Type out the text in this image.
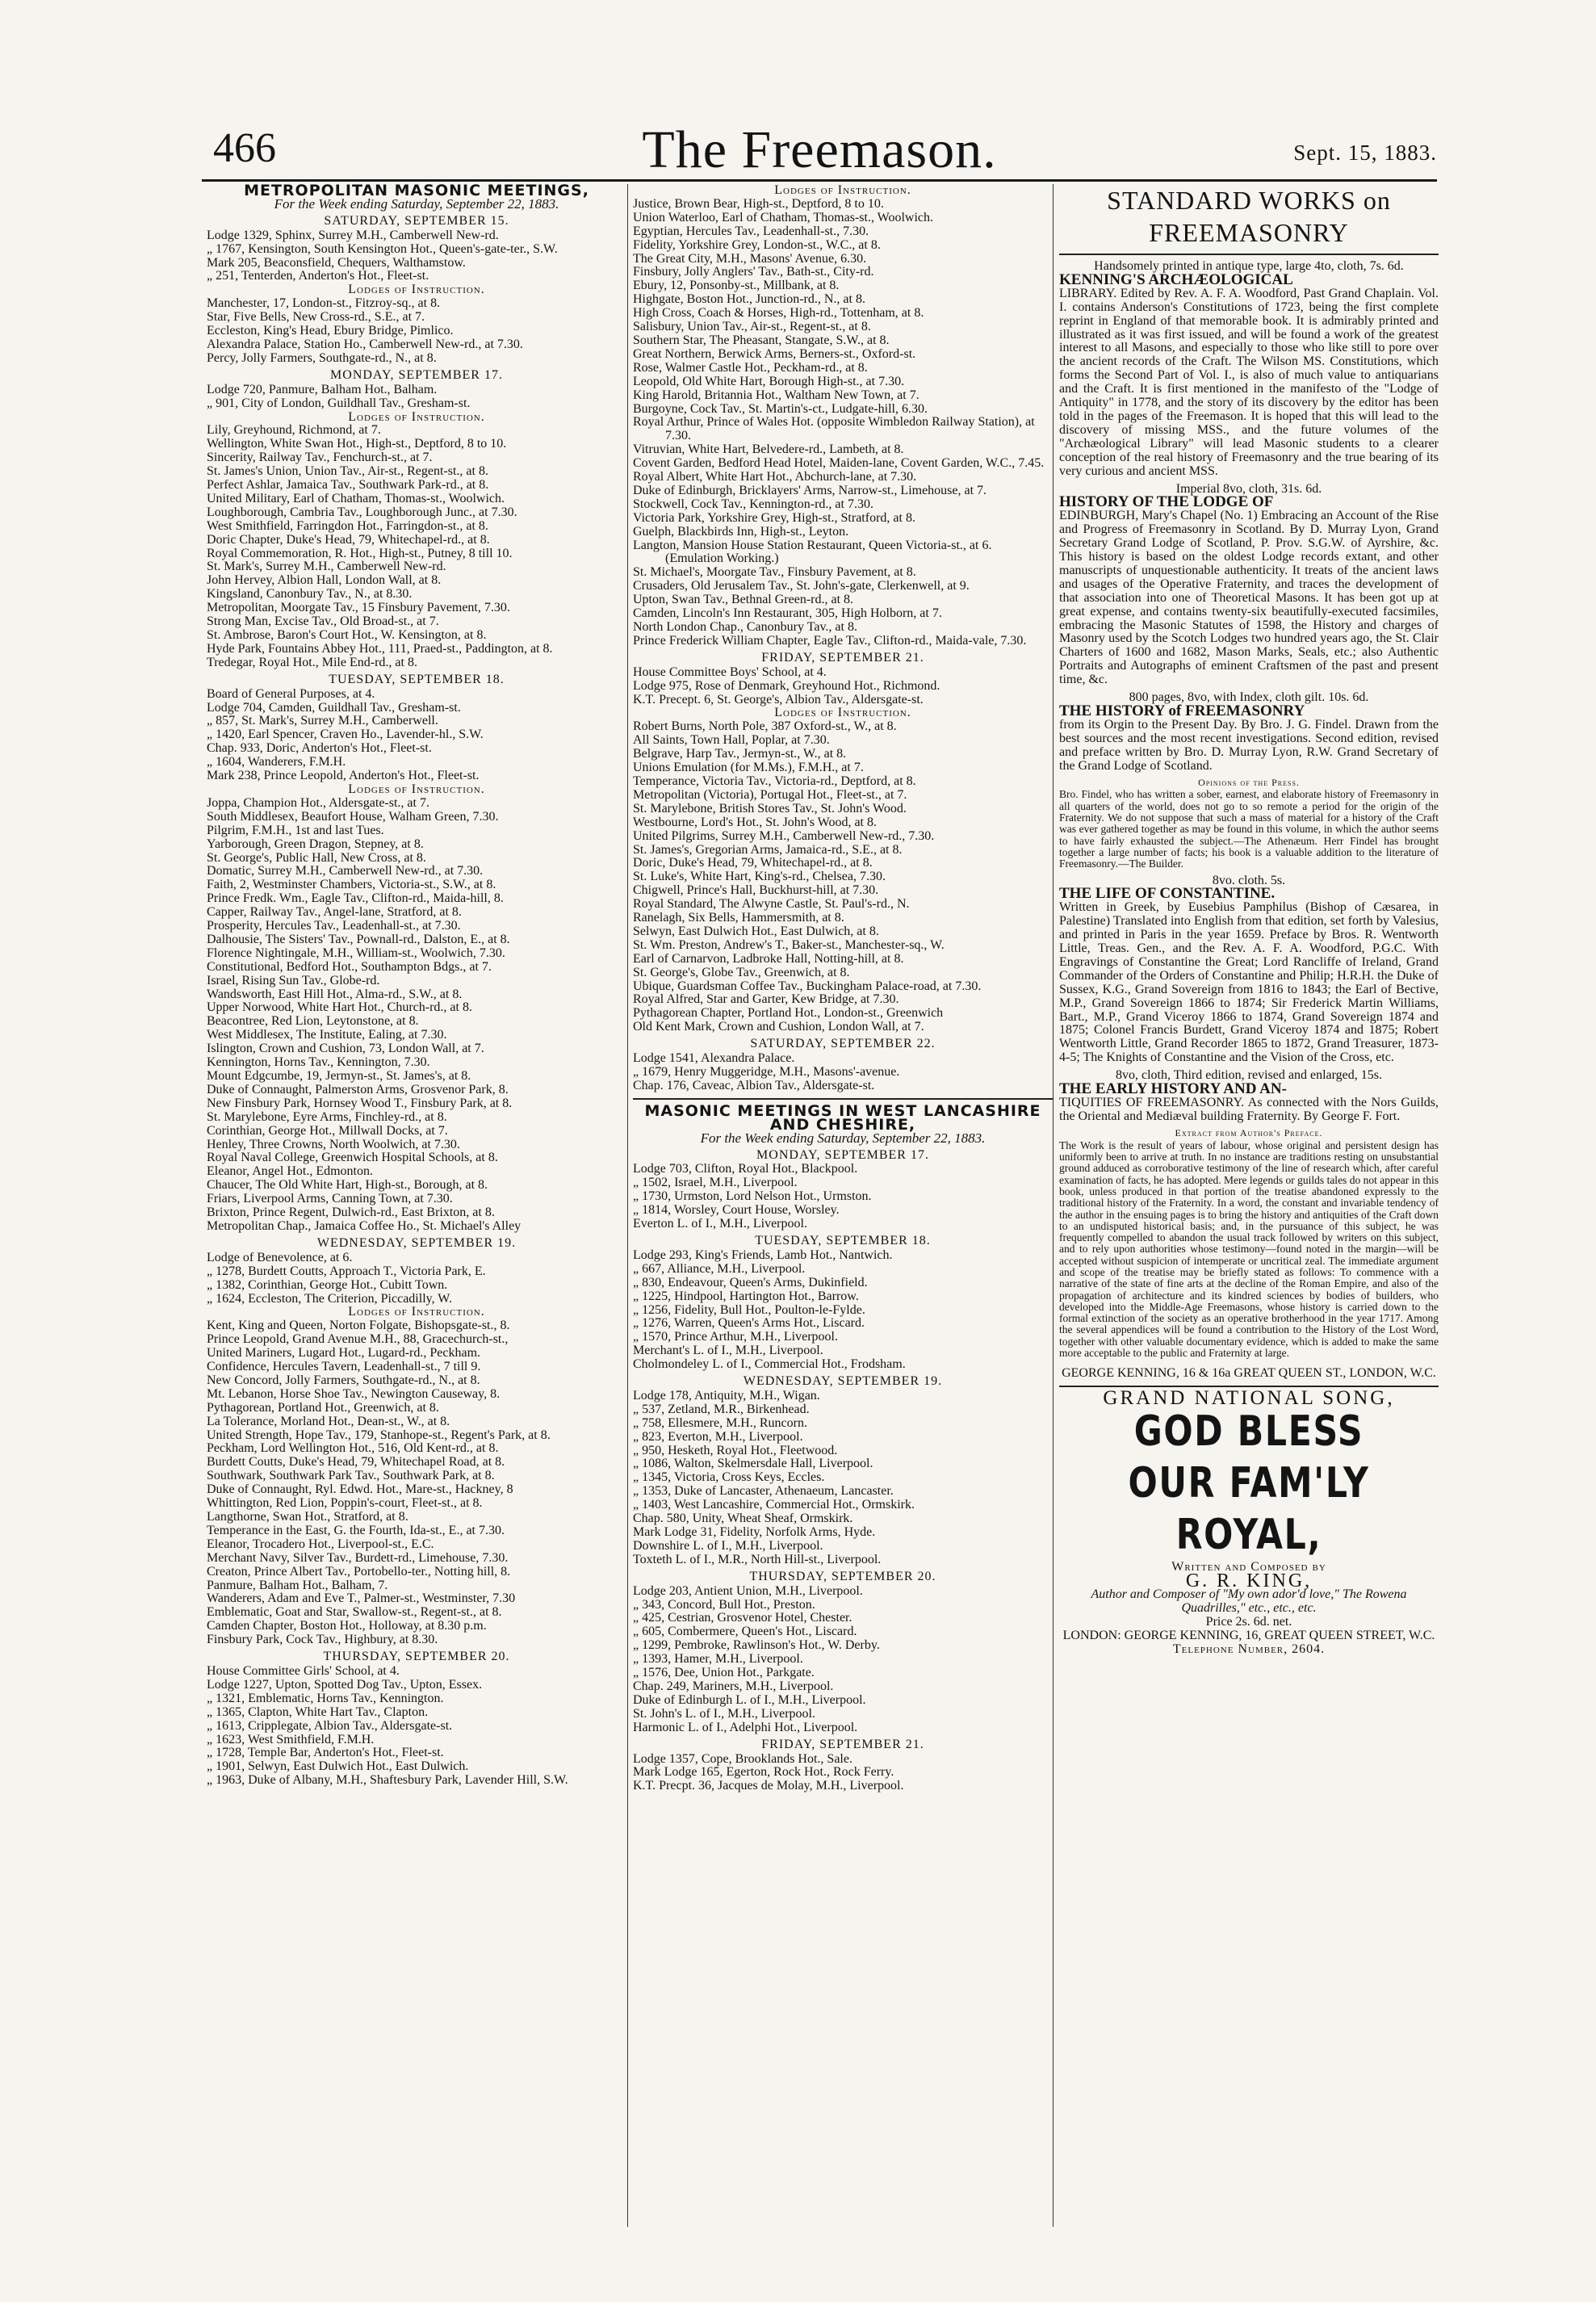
466	The Freemason.	Sept. 15, 1883.
METROPOLITAN MASONIC MEETINGS,
For the Week ending Saturday, September 22, 1883.
SATURDAY, SEPTEMBER 15.
Lodge 1329, Sphinx, Surrey M.H., Camberwell New-rd.
„ 1767, Kensington, South Kensington Hot., Queen's-gate-ter., S.W.
Mark 205, Beaconsfield, Chequers, Walthamstow.
„ 251, Tenterden, Anderton's Hot., Fleet-st.
Lodges of Instruction.
Manchester, 17, London-st., Fitzroy-sq., at 8.
Star, Five Bells, New Cross-rd., S.E., at 7.
Eccleston, King's Head, Ebury Bridge, Pimlico.
Alexandra Palace, Station Ho., Camberwell New-rd., at 7.30.
Percy, Jolly Farmers, Southgate-rd., N., at 8.
MONDAY, SEPTEMBER 17.
Lodge 720, Panmure, Balham Hot., Balham.
„ 901, City of London, Guildhall Tav., Gresham-st.
Lodges of Instruction.
Lily, Greyhound, Richmond, at 7.
Wellington, White Swan Hot., High-st., Deptford, 8 to 10.
Sincerity, Railway Tav., Fenchurch-st., at 7.
St. James's Union, Union Tav., Air-st., Regent-st., at 8.
Perfect Ashlar, Jamaica Tav., Southwark Park-rd., at 8.
United Military, Earl of Chatham, Thomas-st., Woolwich.
Loughborough, Cambria Tav., Loughborough Junc., at 7.30.
West Smithfield, Farringdon Hot., Farringdon-st., at 8.
Doric Chapter, Duke's Head, 79, Whitechapel-rd., at 8.
Royal Commemoration, R. Hot., High-st., Putney, 8 till 10.
St. Mark's, Surrey M.H., Camberwell New-rd.
John Hervey, Albion Hall, London Wall, at 8.
Kingsland, Canonbury Tav., N., at 8.30.
Metropolitan, Moorgate Tav., 15 Finsbury Pavement, 7.30.
Strong Man, Excise Tav., Old Broad-st., at 7.
St. Ambrose, Baron's Court Hot., W. Kensington, at 8.
Hyde Park, Fountains Abbey Hot., 111, Praed-st., Paddington, at 8.
Tredegar, Royal Hot., Mile End-rd., at 8.
TUESDAY, SEPTEMBER 18.
Board of General Purposes, at 4.
Lodge 704, Camden, Guildhall Tav., Gresham-st.
„ 857, St. Mark's, Surrey M.H., Camberwell.
„ 1420, Earl Spencer, Craven Ho., Lavender-hl., S.W.
Chap. 933, Doric, Anderton's Hot., Fleet-st.
„ 1604, Wanderers, F.M.H.
Mark 238, Prince Leopold, Anderton's Hot., Fleet-st.
Lodges of Instruction.
Joppa, Champion Hot., Aldersgate-st., at 7.
South Middlesex, Beaufort House, Walham Green, 7.30.
Pilgrim, F.M.H., 1st and last Tues.
Yarborough, Green Dragon, Stepney, at 8.
St. George's, Public Hall, New Cross, at 8.
Domatic, Surrey M.H., Camberwell New-rd., at 7.30.
Faith, 2, Westminster Chambers, Victoria-st., S.W., at 8.
Prince Fredk. Wm., Eagle Tav., Clifton-rd., Maida-hill, 8.
Capper, Railway Tav., Angel-lane, Stratford, at 8.
Prosperity, Hercules Tav., Leadenhall-st., at 7.30.
Dalhousie, The Sisters' Tav., Pownall-rd., Dalston, E., at 8.
Florence Nightingale, M.H., William-st., Woolwich, 7.30.
Constitutional, Bedford Hot., Southampton Bdgs., at 7.
Israel, Rising Sun Tav., Globe-rd.
Wandsworth, East Hill Hot., Alma-rd., S.W., at 8.
Upper Norwood, White Hart Hot., Church-rd., at 8.
Beacontree, Red Lion, Leytonstone, at 8.
West Middlesex, The Institute, Ealing, at 7.30.
Islington, Crown and Cushion, 73, London Wall, at 7.
Kennington, Horns Tav., Kennington, 7.30.
Mount Edgcumbe, 19, Jermyn-st., St. James's, at 8.
Duke of Connaught, Palmerston Arms, Grosvenor Park, 8.
New Finsbury Park, Hornsey Wood T., Finsbury Park, at 8.
St. Marylebone, Eyre Arms, Finchley-rd., at 8.
Corinthian, George Hot., Millwall Docks, at 7.
Henley, Three Crowns, North Woolwich, at 7.30.
Royal Naval College, Greenwich Hospital Schools, at 8.
Eleanor, Angel Hot., Edmonton.
Chaucer, The Old White Hart, High-st., Borough, at 8.
Friars, Liverpool Arms, Canning Town, at 7.30.
Brixton, Prince Regent, Dulwich-rd., East Brixton, at 8.
Metropolitan Chap., Jamaica Coffee Ho., St. Michael's Alley
WEDNESDAY, SEPTEMBER 19.
Lodge of Benevolence, at 6.
„ 1278, Burdett Coutts, Approach T., Victoria Park, E.
„ 1382, Corinthian, George Hot., Cubitt Town.
„ 1624, Eccleston, The Criterion, Piccadilly, W.
Lodges of Instruction.
Kent, King and Queen, Norton Folgate, Bishopsgate-st., 8.
Prince Leopold, Grand Avenue M.H., 88, Gracechurch-st.,
United Mariners, Lugard Hot., Lugard-rd., Peckham.
Confidence, Hercules Tavern, Leadenhall-st., 7 till 9.
New Concord, Jolly Farmers, Southgate-rd., N., at 8.
Mt. Lebanon, Horse Shoe Tav., Newington Causeway, 8.
Pythagorean, Portland Hot., Greenwich, at 8.
La Tolerance, Morland Hot., Dean-st., W., at 8.
United Strength, Hope Tav., 179, Stanhope-st., Regent's Park, at 8.
Peckham, Lord Wellington Hot., 516, Old Kent-rd., at 8.
Burdett Coutts, Duke's Head, 79, Whitechapel Road, at 8.
Southwark, Southwark Park Tav., Southwark Park, at 8.
Duke of Connaught, Ryl. Edwd. Hot., Mare-st., Hackney, 8
Whittington, Red Lion, Poppin's-court, Fleet-st., at 8.
Langthorne, Swan Hot., Stratford, at 8.
Temperance in the East, G. the Fourth, Ida-st., E., at 7.30.
Eleanor, Trocadero Hot., Liverpool-st., E.C.
Merchant Navy, Silver Tav., Burdett-rd., Limehouse, 7.30.
Creaton, Prince Albert Tav., Portobello-ter., Notting hill, 8.
Panmure, Balham Hot., Balham, 7.
Wanderers, Adam and Eve T., Palmer-st., Westminster, 7.30
Emblematic, Goat and Star, Swallow-st., Regent-st., at 8.
Camden Chapter, Boston Hot., Holloway, at 8.30 p.m.
Finsbury Park, Cock Tav., Highbury, at 8.30.
THURSDAY, SEPTEMBER 20.
House Committee Girls' School, at 4.
Lodge 1227, Upton, Spotted Dog Tav., Upton, Essex.
„ 1321, Emblematic, Horns Tav., Kennington.
„ 1365, Clapton, White Hart Tav., Clapton.
„ 1613, Cripplegate, Albion Tav., Aldersgate-st.
„ 1623, West Smithfield, F.M.H.
„ 1728, Temple Bar, Anderton's Hot., Fleet-st.
„ 1901, Selwyn, East Dulwich Hot., East Dulwich.
„ 1963, Duke of Albany, M.H., Shaftesbury Park, Lavender Hill, S.W.
Lodges of Instruction.
Justice, Brown Bear, High-st., Deptford, 8 to 10.
Union Waterloo, Earl of Chatham, Thomas-st., Woolwich.
Egyptian, Hercules Tav., Leadenhall-st., 7.30.
Fidelity, Yorkshire Grey, London-st., W.C., at 8.
The Great City, M.H., Masons' Avenue, 6.30.
Finsbury, Jolly Anglers' Tav., Bath-st., City-rd.
Ebury, 12, Ponsonby-st., Millbank, at 8.
Highgate, Boston Hot., Junction-rd., N., at 8.
High Cross, Coach & Horses, High-rd., Tottenham, at 8.
Salisbury, Union Tav., Air-st., Regent-st., at 8.
Southern Star, The Pheasant, Stangate, S.W., at 8.
Great Northern, Berwick Arms, Berners-st., Oxford-st.
Rose, Walmer Castle Hot., Peckham-rd., at 8.
Leopold, Old White Hart, Borough High-st., at 7.30.
King Harold, Britannia Hot., Waltham New Town, at 7.
Burgoyne, Cock Tav., St. Martin's-ct., Ludgate-hill, 6.30.
Royal Arthur, Prince of Wales Hot. (opposite Wimbledon Railway Station), at 7.30.
Vitruvian, White Hart, Belvedere-rd., Lambeth, at 8.
Covent Garden, Bedford Head Hotel, Maiden-lane, Covent Garden, W.C., 7.45.
Royal Albert, White Hart Hot., Abchurch-lane, at 7.30.
Duke of Edinburgh, Bricklayers' Arms, Narrow-st., Limehouse, at 7.
Stockwell, Cock Tav., Kennington-rd., at 7.30.
Victoria Park, Yorkshire Grey, High-st., Stratford, at 8.
Guelph, Blackbirds Inn, High-st., Leyton.
Langton, Mansion House Station Restaurant, Queen Victoria-st., at 6. (Emulation Working.)
St. Michael's, Moorgate Tav., Finsbury Pavement, at 8.
Crusaders, Old Jerusalem Tav., St. John's-gate, Clerkenwell, at 9.
Upton, Swan Tav., Bethnal Green-rd., at 8.
Camden, Lincoln's Inn Restaurant, 305, High Holborn, at 7.
North London Chap., Canonbury Tav., at 8.
Prince Frederick William Chapter, Eagle Tav., Clifton-rd., Maida-vale, 7.30.
FRIDAY, SEPTEMBER 21.
House Committee Boys' School, at 4.
Lodge 975, Rose of Denmark, Greyhound Hot., Richmond.
K.T. Precept. 6, St. George's, Albion Tav., Aldersgate-st.
Lodges of Instruction.
Robert Burns, North Pole, 387 Oxford-st., W., at 8.
All Saints, Town Hall, Poplar, at 7.30.
Belgrave, Harp Tav., Jermyn-st., W., at 8.
Unions Emulation (for M.Ms.), F.M.H., at 7.
Temperance, Victoria Tav., Victoria-rd., Deptford, at 8.
Metropolitan (Victoria), Portugal Hot., Fleet-st., at 7.
St. Marylebone, British Stores Tav., St. John's Wood.
Westbourne, Lord's Hot., St. John's Wood, at 8.
United Pilgrims, Surrey M.H., Camberwell New-rd., 7.30.
St. James's, Gregorian Arms, Jamaica-rd., S.E., at 8.
Doric, Duke's Head, 79, Whitechapel-rd., at 8.
St. Luke's, White Hart, King's-rd., Chelsea, 7.30.
Chigwell, Prince's Hall, Buckhurst-hill, at 7.30.
Royal Standard, The Alwyne Castle, St. Paul's-rd., N.
Ranelagh, Six Bells, Hammersmith, at 8.
Selwyn, East Dulwich Hot., East Dulwich, at 8.
St. Wm. Preston, Andrew's T., Baker-st., Manchester-sq., W.
Earl of Carnarvon, Ladbroke Hall, Notting-hill, at 8.
St. George's, Globe Tav., Greenwich, at 8.
Ubique, Guardsman Coffee Tav., Buckingham Palace-road, at 7.30.
Royal Alfred, Star and Garter, Kew Bridge, at 7.30.
Pythagorean Chapter, Portland Hot., London-st., Greenwich
Old Kent Mark, Crown and Cushion, London Wall, at 7.
SATURDAY, SEPTEMBER 22.
Lodge 1541, Alexandra Palace.
„ 1679, Henry Muggeridge, M.H., Masons'-avenue.
Chap. 176, Caveac, Albion Tav., Aldersgate-st.
MASONIC MEETINGS IN WEST LANCASHIRE AND CHESHIRE,
For the Week ending Saturday, September 22, 1883.
MONDAY, SEPTEMBER 17.
Lodge 703, Clifton, Royal Hot., Blackpool.
„ 1502, Israel, M.H., Liverpool.
„ 1730, Urmston, Lord Nelson Hot., Urmston.
„ 1814, Worsley, Court House, Worsley.
Everton L. of I., M.H., Liverpool.
TUESDAY, SEPTEMBER 18.
Lodge 293, King's Friends, Lamb Hot., Nantwich.
„ 667, Alliance, M.H., Liverpool.
„ 830, Endeavour, Queen's Arms, Dukinfield.
„ 1225, Hindpool, Hartington Hot., Barrow.
„ 1256, Fidelity, Bull Hot., Poulton-le-Fylde.
„ 1276, Warren, Queen's Arms Hot., Liscard.
„ 1570, Prince Arthur, M.H., Liverpool.
Merchant's L. of I., M.H., Liverpool.
Cholmondeley L. of I., Commercial Hot., Frodsham.
WEDNESDAY, SEPTEMBER 19.
Lodge 178, Antiquity, M.H., Wigan.
„ 537, Zetland, M.R., Birkenhead.
„ 758, Ellesmere, M.H., Runcorn.
„ 823, Everton, M.H., Liverpool.
„ 950, Hesketh, Royal Hot., Fleetwood.
„ 1086, Walton, Skelmersdale Hall, Liverpool.
„ 1345, Victoria, Cross Keys, Eccles.
„ 1353, Duke of Lancaster, Athenaeum, Lancaster.
„ 1403, West Lancashire, Commercial Hot., Ormskirk.
Chap. 580, Unity, Wheat Sheaf, Ormskirk.
Mark Lodge 31, Fidelity, Norfolk Arms, Hyde.
Downshire L. of I., M.H., Liverpool.
Toxteth L. of I., M.R., North Hill-st., Liverpool.
THURSDAY, SEPTEMBER 20.
Lodge 203, Antient Union, M.H., Liverpool.
„ 343, Concord, Bull Hot., Preston.
„ 425, Cestrian, Grosvenor Hotel, Chester.
„ 605, Combermere, Queen's Hot., Liscard.
„ 1299, Pembroke, Rawlinson's Hot., W. Derby.
„ 1393, Hamer, M.H., Liverpool.
„ 1576, Dee, Union Hot., Parkgate.
Chap. 249, Mariners, M.H., Liverpool.
Duke of Edinburgh L. of I., M.H., Liverpool.
St. John's L. of I., M.H., Liverpool.
Harmonic L. of I., Adelphi Hot., Liverpool.
FRIDAY, SEPTEMBER 21.
Lodge 1357, Cope, Brooklands Hot., Sale.
Mark Lodge 165, Egerton, Rock Hot., Rock Ferry.
K.T. Precpt. 36, Jacques de Molay, M.H., Liverpool.
STANDARD WORKS on FREEMASONRY
Handsomely printed in antique type, large 4to, cloth, 7s. 6d.
KENNING'S ARCHÆOLOGICAL
LIBRARY. Edited by Rev. A. F. A. Woodford, Past Grand Chaplain. Vol. I. contains Anderson's Constitutions of 1723, being the first complete reprint in England of that memorable book. It is admirably printed and illustrated as it was first issued, and will be found a work of the greatest interest to all Masons, and especially to those who like still to pore over the ancient records of the Craft. The Wilson MS. Constitutions, which forms the Second Part of Vol. I., is also of much value to antiquarians and the Craft. It is first mentioned in the manifesto of the "Lodge of Antiquity" in 1778, and the story of its discovery by the editor has been told in the pages of the Freemason. It is hoped that this will lead to the discovery of missing MSS., and the future volumes of the "Archæological Library" will lead Masonic students to a clearer conception of the real history of Freemasonry and the true bearing of its very curious and ancient MSS.
Imperial 8vo, cloth, 31s. 6d.
HISTORY OF THE LODGE OF
EDINBURGH, Mary's Chapel (No. 1) Embracing an Account of the Rise and Progress of Freemasonry in Scotland. By D. Murray Lyon, Grand Secretary Grand Lodge of Scotland, P. Prov. S.G.W. of Ayrshire, &c. This history is based on the oldest Lodge records extant, and other manuscripts of unquestionable authenticity. It treats of the ancient laws and usages of the Operative Fraternity, and traces the development of that association into one of Theoretical Masons. It has been got up at great expense, and contains twenty-six beautifully-executed facsimiles, embracing the Masonic Statutes of 1598, the History and charges of Masonry used by the Scotch Lodges two hundred years ago, the St. Clair Charters of 1600 and 1682, Mason Marks, Seals, etc.; also Authentic Portraits and Autographs of eminent Craftsmen of the past and present time, &c.
800 pages, 8vo, with Index, cloth gilt. 10s. 6d.
THE HISTORY of FREEMASONRY
from its Orgin to the Present Day. By Bro. J. G. Findel. Drawn from the best sources and the most recent investigations. Second edition, revised and preface written by Bro. D. Murray Lyon, R.W. Grand Secretary of the Grand Lodge of Scotland.
Opinions of the Press.
Bro. Findel, who has written a sober, earnest, and elaborate history of Freemasonry in all quarters of the world, does not go to so remote a period for the origin of the Fraternity. We do not suppose that such a mass of material for a history of the Craft was ever gathered together as may be found in this volume, in which the author seems to have fairly exhausted the subject.—The Athenæum. Herr Findel has brought together a large number of facts; his book is a valuable addition to the literature of Freemasonry.—The Builder.
8vo. cloth. 5s.
THE LIFE OF CONSTANTINE.
Written in Greek, by Eusebius Pamphilus (Bishop of Cæsarea, in Palestine) Translated into English from that edition, set forth by Valesius, and printed in Paris in the year 1659. Preface by Bros. R. Wentworth Little, Treas. Gen., and the Rev. A. F. A. Woodford, P.G.C. With Engravings of Constantine the Great; Lord Rancliffe of Ireland, Grand Commander of the Orders of Constantine and Philip; H.R.H. the Duke of Sussex, K.G., Grand Sovereign from 1816 to 1843; the Earl of Bective, M.P., Grand Sovereign 1866 to 1874; Sir Frederick Martin Williams, Bart., M.P., Grand Viceroy 1866 to 1874, Grand Sovereign 1874 and 1875; Colonel Francis Burdett, Grand Viceroy 1874 and 1875; Robert Wentworth Little, Grand Recorder 1865 to 1872, Grand Treasurer, 1873-4-5; The Knights of Constantine and the Vision of the Cross, etc.
8vo, cloth, Third edition, revised and enlarged, 15s.
THE EARLY HISTORY AND AN-
TIQUITIES OF FREEMASONRY. As connected with the Nors Guilds, the Oriental and Mediæval building Fraternity. By George F. Fort.
Extract from Author's Preface.
The Work is the result of years of labour, whose original and persistent design has uniformly been to arrive at truth. In no instance are traditions resting on unsubstantial ground adduced as corroborative testimony of the line of research which, after careful examination of facts, he has adopted. Mere legends or guilds tales do not appear in this book, unless produced in that portion of the treatise abandoned expressly to the traditional history of the Fraternity. In a word, the constant and invariable tendency of the author in the ensuing pages is to bring the history and antiquities of the Craft down to an undisputed historical basis; and, in the pursuance of this subject, he was frequently compelled to abandon the usual track followed by writers on this subject, and to rely upon authorities whose testimony—found noted in the margin—will be accepted without suspicion of intemperate or uncritical zeal. The immediate argument and scope of the treatise may be briefly stated as follows: To commence with a narrative of the state of fine arts at the decline of the Roman Empire, and also of the propagation of architecture and its kindred sciences by bodies of builders, who developed into the Middle-Age Freemasons, whose history is carried down to the formal extinction of the society as an operative brotherhood in the year 1717. Among the several appendices will be found a contribution to the History of the Lost Word, together with other valuable documentary evidence, which is added to make the same more acceptable to the public and Fraternity at large.
GEORGE KENNING, 16 & 16a GREAT QUEEN ST., LONDON, W.C.
GRAND NATIONAL SONG,
GOD BLESS OUR FAM'LY ROYAL,
Written and Composed by
G. R. KING,
Author and Composer of "My own ador'd love," The Rowena Quadrilles," etc., etc., etc.
Price 2s. 6d. net.
LONDON: GEORGE KENNING, 16, GREAT QUEEN STREET, W.C.
Telephone Number, 2604.
